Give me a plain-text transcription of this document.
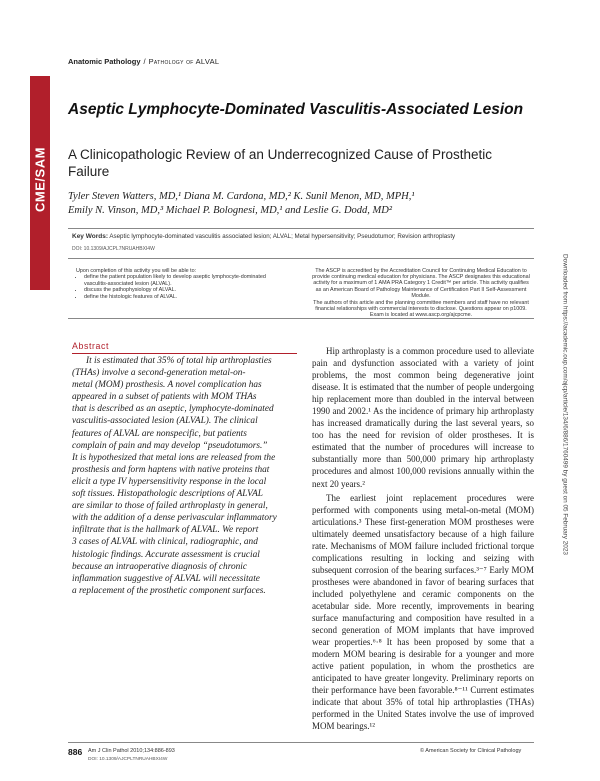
Anatomic Pathology / Pathology of ALVAL
CME/SAM
Aseptic Lymphocyte-Dominated Vasculitis-Associated Lesion
A Clinicopathologic Review of an Underrecognized Cause of Prosthetic Failure
Tyler Steven Watters, MD,¹ Diana M. Cardona, MD,² K. Sunil Menon, MD, MPH,¹
Emily N. Vinson, MD,³ Michael P. Bolognesi, MD,¹ and Leslie G. Dodd, MD²
Key Words: Aseptic lymphocyte-dominated vasculitis associated lesion; ALVAL; Metal hypersensitivity; Pseudotumor; Revision arthroplasty
DOI: 10.1309/AJCPL7NRUAHBXI4W
Upon completion of this activity you will be able to:
• define the patient population likely to develop aseptic lymphocyte-dominated vasculitis-associated lesion (ALVAL).
• discuss the pathophysiology of ALVAL.
• define the histologic features of ALVAL.

The ASCP is accredited by the Accreditation Council for Continuing Medical Education to provide continuing medical education for physicians. The ASCP designates this educational activity for a maximum of 1 AMA PRA Category 1 Credit™ per article. This activity qualifies as an American Board of Pathology Maintenance of Certification Part II Self-Assessment Module.

The authors of this article and the planning committee members and staff have no relevant financial relationships with commercial interests to disclose. Questions appear on p1009. Exam is located at www.ascp.org/ajcpcme.

Abstract
It is estimated that 35% of total hip arthroplasties
(THAs) involve a second-generation metal-on-
metal (MOM) prosthesis. A novel complication has
appeared in a subset of patients with MOM THAs
that is described as an aseptic, lymphocyte-dominated
vasculitis-associated lesion (ALVAL). The clinical
features of ALVAL are nonspecific, but patients
complain of pain and may develop “pseudotumors.”
It is hypothesized that metal ions are released from the
prosthesis and form haptens with native proteins that
elicit a type IV hypersensitivity response in the local
soft tissues. Histopathologic descriptions of ALVAL
are similar to those of failed arthroplasty in general,
with the addition of a dense perivascular inflammatory
infiltrate that is the hallmark of ALVAL. We report
3 cases of ALVAL with clinical, radiographic, and
histologic findings. Accurate assessment is crucial
because an intraoperative diagnosis of chronic
inflammation suggestive of ALVAL will necessitate
a replacement of the prosthetic component surfaces.

Hip arthroplasty is a common procedure used to alleviate pain and dysfunction associated with a variety of joint problems, the most common being degenerative joint disease. It is estimated that the number of people undergoing hip replacement more than doubled in the interval between 1990 and 2002.¹ As the incidence of primary hip arthroplasty has increased dramatically during the last several years, so too has the need for revision of older prostheses. It is estimated that the number of procedures will increase to substantially more than 500,000 primary hip arthroplasty procedures and almost 100,000 revisions annually within the next 20 years.²

The earliest joint replacement procedures were performed with components using metal-on-metal (MOM) articulations.³ These first-generation MOM prostheses were ultimately deemed unsatisfactory because of a high failure rate. Mechanisms of MOM failure included frictional torque complications resulting in locking and seizing with subsequent corrosion of the bearing surfaces.³⁻⁷ Early MOM prostheses were abandoned in favor of bearing surfaces that included polyethylene and ceramic components on the acetabular side. More recently, improvements in bearing surface manufacturing and composition have resulted in a second generation of MOM implants that have improved wear properties.⁶⋅⁸ It has been proposed by some that a modern MOM bearing is desirable for a younger and more active patient population, in whom the prosthetics are anticipated to have greater longevity. Preliminary reports on their performance have been favorable.⁸⁻¹¹ Current estimates indicate that about 35% of total hip arthroplasties (THAs) performed in the United States involve the use of improved MOM bearings.¹²

886 Am J Clin Pathol 2010;134:886-893
DOI: 10.1309/AJCPLTNRUAHBXI4W
© American Society for Clinical Pathology
Downloaded from https://academic.oup.com/ajcp/article/134/6/886/1760499 by guest on 05 February 2023
